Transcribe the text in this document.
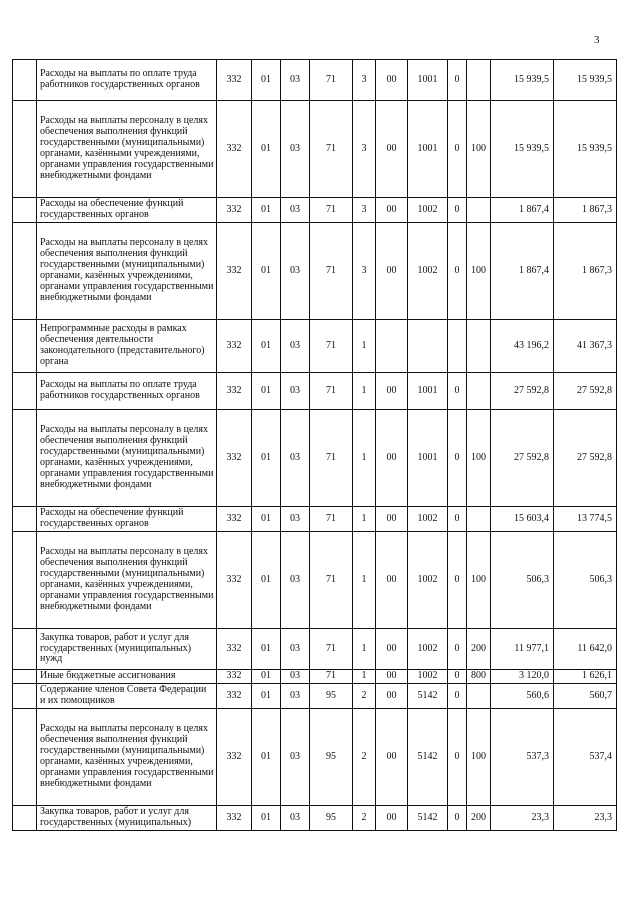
3
	Расходы на выплаты по оплате труда работников государственных органов	332	01	03	71	3	00	1001	0		15 939,5	15 939,5
	Расходы на выплаты персоналу в целях обеспечения выполнения функций государственными (муниципальными) органами, казёнными учреждениями, органами управления государственными внебюджетными фондами	332	01	03	71	3	00	1001	0	100	15 939,5	15 939,5
	Расходы на обеспечение функций государственных органов	332	01	03	71	3	00	1002	0		1 867,4	1 867,3
	Расходы на выплаты персоналу в целях обеспечения выполнения функций государственными (муниципальными) органами, казённых учреждениями, органами управления государственными внебюджетными фондами	332	01	03	71	3	00	1002	0	100	1 867,4	1 867,3
	Непрограммные расходы в рамках обеспечения деятельности законодательного (представительного) органа	332	01	03	71	1					43 196,2	41 367,3
	Расходы на выплаты по оплате труда работников государственных органов	332	01	03	71	1	00	1001	0		27 592,8	27 592,8
	Расходы на выплаты персоналу в целях обеспечения выполнения функций государственными (муниципальными) органами, казённых учреждениями, органами управления государственными внебюджетными фондами	332	01	03	71	1	00	1001	0	100	27 592,8	27 592,8
	Расходы на обеспечение функций государственных органов	332	01	03	71	1	00	1002	0		15 603,4	13 774,5
	Расходы на выплаты персоналу в целях обеспечения выполнения функций государственными (муниципальными) органами, казённых учреждениями, органами управления государственными внебюджетными фондами	332	01	03	71	1	00	1002	0	100	506,3	506,3
	Закупка товаров, работ и услуг для государственных (муниципальных) нужд	332	01	03	71	1	00	1002	0	200	11 977,1	11 642,0
	Иные бюджетные ассигнования	332	01	03	71	1	00	1002	0	800	3 120,0	1 626,1
	Содержание членов Совета Федерации и их помощников	332	01	03	95	2	00	5142	0		560,6	560,7
	Расходы на выплаты персоналу в целях обеспечения выполнения функций государственными (муниципальными) органами, казённых учреждениями, органами управления государственными внебюджетными фондами	332	01	03	95	2	00	5142	0	100	537,3	537,4
	Закупка товаров, работ и услуг для государственных (муниципальных)	332	01	03	95	2	00	5142	0	200	23,3	23,3
